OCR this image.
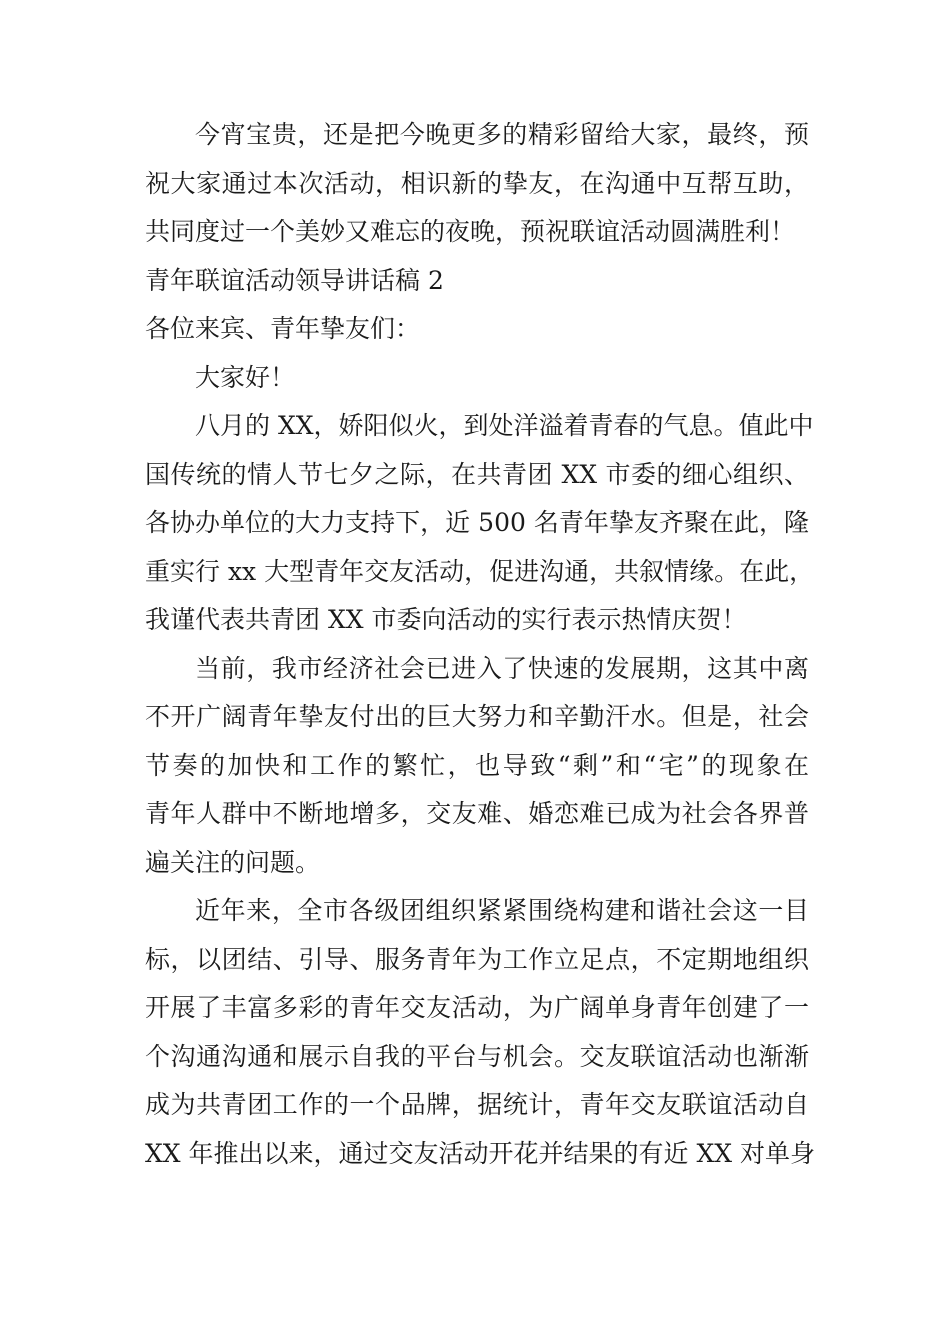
今宵宝贵，还是把今晚更多的精彩留给大家，最终，预
祝大家通过本次活动，相识新的挚友，在沟通中互帮互助，
共同度过一个美妙又难忘的夜晚，预祝联谊活动圆满胜利！

青年联谊活动领导讲话稿 2

各位来宾、青年挚友们：

大家好！

八月的 XX，娇阳似火，到处洋溢着青春的气息。值此中
国传统的情人节七夕之际，在共青团 XX 市委的细心组织、
各协办单位的大力支持下，近 500 名青年挚友齐聚在此，隆
重实行 xx 大型青年交友活动，促进沟通，共叙情缘。在此，
我谨代表共青团 XX 市委向活动的实行表示热情庆贺！

当前，我市经济社会已进入了快速的发展期，这其中离
不开广阔青年挚友付出的巨大努力和辛勤汗水。但是，社会
节奏的加快和工作的繁忙，也导致“剩”和“宅”的现象在
青年人群中不断地增多，交友难、婚恋难已成为社会各界普
遍关注的问题。

近年来，全市各级团组织紧紧围绕构建和谐社会这一目
标，以团结、引导、服务青年为工作立足点，不定期地组织
开展了丰富多彩的青年交友活动，为广阔单身青年创建了一
个沟通沟通和展示自我的平台与机会。交友联谊活动也渐渐
成为共青团工作的一个品牌，据统计，青年交友联谊活动自
XX 年推出以来，通过交友活动开花并结果的有近 XX 对单身
